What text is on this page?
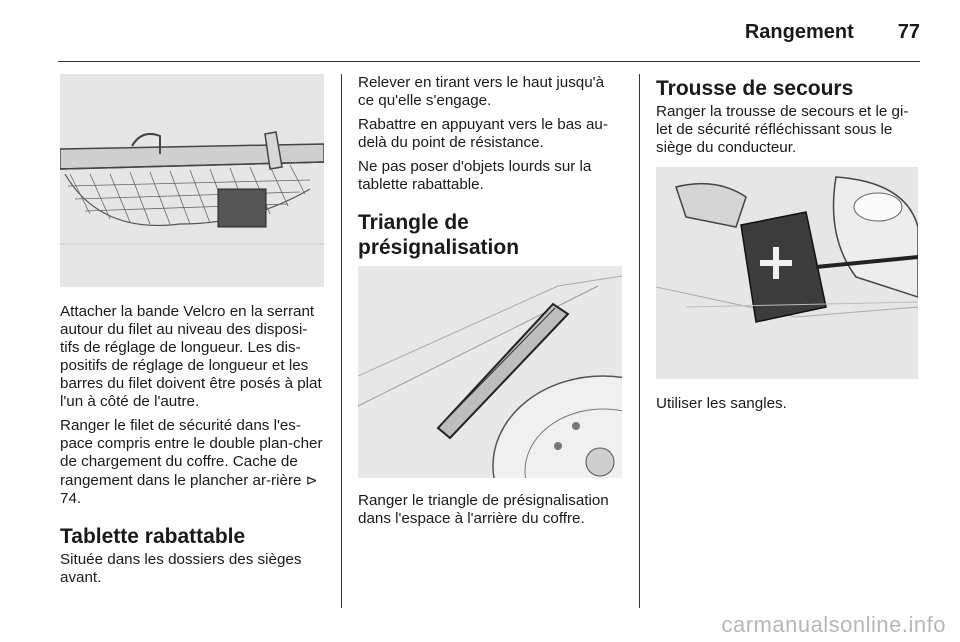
Rangement 77

Attacher la bande Velcro en la serrant autour du filet au niveau des disposi-tifs de réglage de longueur. Les dis-positifs de réglage de longueur et les barres du filet doivent être posés à plat l'un à côté de l'autre.

Ranger le filet de sécurité dans l'es-pace compris entre le double plan-cher de chargement du coffre. Cache de rangement dans le plancher ar-rière ⊳ 74.

Tablette rabattable

Située dans les dossiers des sièges avant.

Relever en tirant vers le haut jusqu'à ce qu'elle s'engage.

Rabattre en appuyant vers le bas au-delà du point de résistance.

Ne pas poser d'objets lourds sur la tablette rabattable.

Triangle de présignalisation

Ranger le triangle de présignalisation dans l'espace à l'arrière du coffre.

Trousse de secours

Ranger la trousse de secours et le gi-let de sécurité réfléchissant sous le siège du conducteur.

Utiliser les sangles.

carmanualsonline.info
